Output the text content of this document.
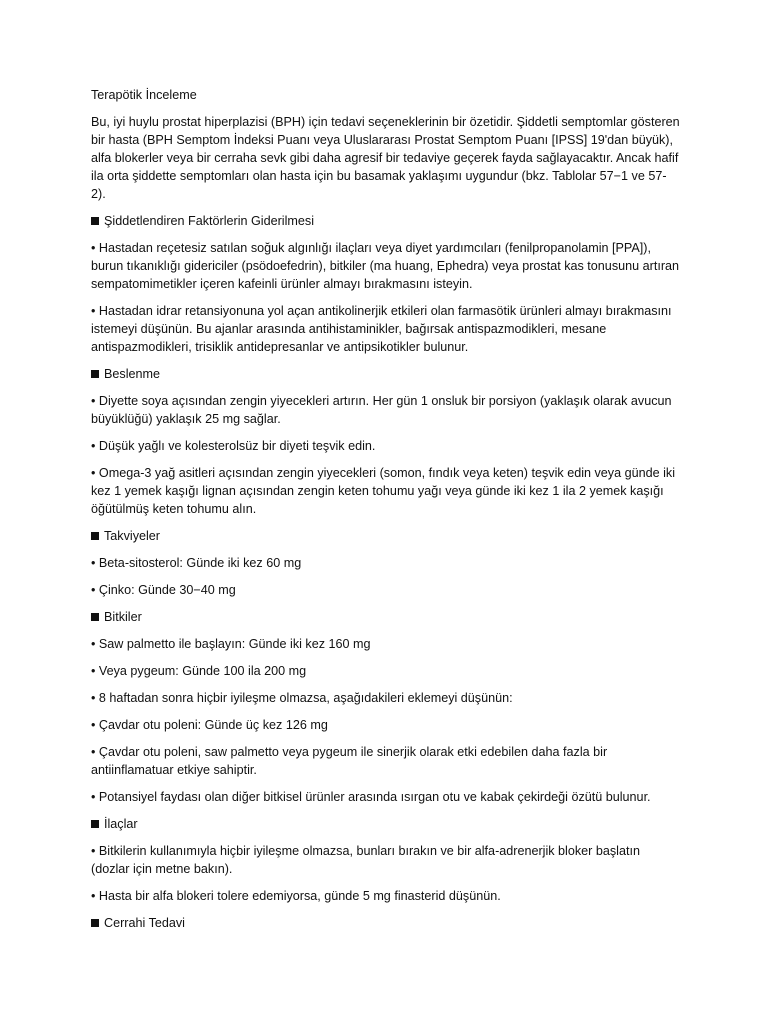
Terapötik İnceleme

Bu, iyi huylu prostat hiperplazisi (BPH) için tedavi seçeneklerinin bir özetidir. Şiddetli semptomlar gösteren bir hasta (BPH Semptom İndeksi Puanı veya Uluslararası Prostat Semptom Puanı [IPSS] 19'dan büyük), alfa blokerler veya bir cerraha sevk gibi daha agresif bir tedaviye geçerek fayda sağlayacaktır. Ancak hafif ila orta şiddette semptomları olan hasta için bu basamak yaklaşımı uygundur (bkz. Tablolar 57−1 ve 57-2).

Şiddetlendiren Faktörlerin Giderilmesi

• Hastadan reçetesiz satılan soğuk algınlığı ilaçları veya diyet yardımcıları (fenilpropanolamin [PPA]), burun tıkanıklığı gidericiler (psödoefedrin), bitkiler (ma huang, Ephedra) veya prostat kas tonusunu artıran sempatomimetikler içeren kafeinli ürünler almayı bırakmasını isteyin.

• Hastadan idrar retansiyonuna yol açan antikolinerjik etkileri olan farmasötik ürünleri almayı bırakmasını istemeyi düşünün. Bu ajanlar arasında antihistaminikler, bağırsak antispazmodikleri, mesane antispazmodikleri, trisiklik antidepresanlar ve antipsikotikler bulunur.

Beslenme

• Diyette soya açısından zengin yiyecekleri artırın. Her gün 1 onsluk bir porsiyon (yaklaşık olarak avucun büyüklüğü) yaklaşık 25 mg sağlar.

• Düşük yağlı ve kolesterolsüz bir diyeti teşvik edin.

• Omega-3 yağ asitleri açısından zengin yiyecekleri (somon, fındık veya keten) teşvik edin veya günde iki kez 1 yemek kaşığı lignan açısından zengin keten tohumu yağı veya günde iki kez 1 ila 2 yemek kaşığı öğütülmüş keten tohumu alın.

Takviyeler

• Beta-sitosterol: Günde iki kez 60 mg

• Çinko: Günde 30−40 mg

Bitkiler

• Saw palmetto ile başlayın: Günde iki kez 160 mg

• Veya pygeum: Günde 100 ila 200 mg

• 8 haftadan sonra hiçbir iyileşme olmazsa, aşağıdakileri eklemeyi düşünün:

• Çavdar otu poleni: Günde üç kez 126 mg

• Çavdar otu poleni, saw palmetto veya pygeum ile sinerjik olarak etki edebilen daha fazla bir antiinflamatuar etkiye sahiptir.

• Potansiyel faydası olan diğer bitkisel ürünler arasında ısırgan otu ve kabak çekirdeği özütü bulunur.

İlaçlar

• Bitkilerin kullanımıyla hiçbir iyileşme olmazsa, bunları bırakın ve bir alfa-adrenerjik bloker başlatın (dozlar için metne bakın).

• Hasta bir alfa blokeri tolere edemiyorsa, günde 5 mg finasterid düşünün.

Cerrahi Tedavi
